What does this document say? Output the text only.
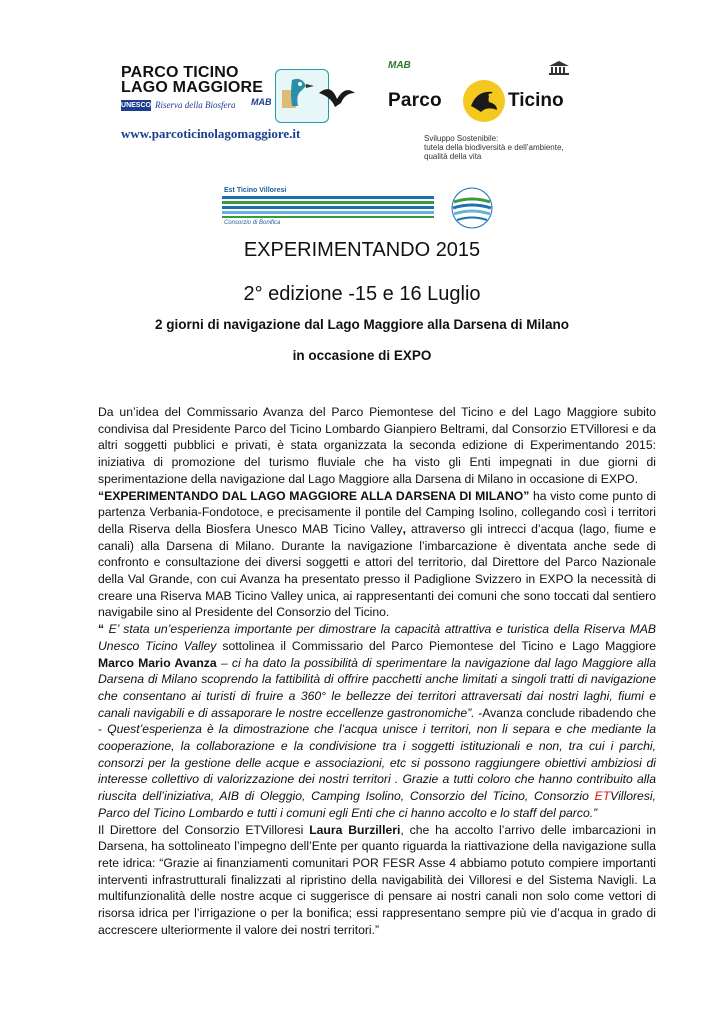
PARCO TICINO
LAGO MAGGIORE
UNESCO Riserva della Biosfera MAB
www.parcoticinolagomaggiore.it
MAB
Parco	Ticino
Sviluppo Sostenibile:
tutela della biodiversità e dell’ambiente,
qualità della vita
Est Ticino Villoresi
Consorzio di Bonifica
EXPERIMENTANDO 2015
2° edizione -15 e 16 Luglio
2 giorni di navigazione dal Lago Maggiore alla Darsena di Milano
in occasione di EXPO

Da un’idea del Commissario Avanza del Parco Piemontese del Ticino e del Lago Maggiore subito condivisa dal Presidente Parco del Ticino Lombardo Gianpiero Beltrami, dal Consorzio ETVilloresi e da altri soggetti pubblici e privati, è stata organizzata la seconda edizione di Experimentando 2015: iniziativa di promozione del turismo fluviale che ha visto gli Enti impegnati in due giorni di sperimentazione della navigazione dal Lago Maggiore alla Darsena di Milano in occasione di EXPO.

“EXPERIMENTANDO DAL LAGO MAGGIORE ALLA DARSENA DI MILANO” ha visto come punto di partenza Verbania-Fondotoce, e precisamente il pontile del Camping Isolino, collegando così i territori della Riserva della Biosfera Unesco MAB Ticino Valley, attraverso gli intrecci d’acqua (lago, fiume e canali) alla Darsena di Milano. Durante la navigazione l’imbarcazione è diventata anche sede di confronto e consultazione dei diversi soggetti e attori del territorio, dal Direttore del Parco Nazionale della Val Grande, con cui Avanza ha presentato presso il Padiglione Svizzero in EXPO la necessità di creare una Riserva MAB Ticino Valley unica, ai rappresentanti dei comuni che sono toccati dal sentiero navigabile sino al Presidente del Consorzio del Ticino.

“ E’ stata un’esperienza importante per dimostrare la capacità attrattiva e turistica della Riserva MAB Unesco Ticino Valley sottolinea il Commissario del Parco Piemontese del Ticino e Lago Maggiore Marco Mario Avanza – ci ha dato la possibilità di sperimentare la navigazione dal lago Maggiore alla Darsena di Milano scoprendo la fattibilità di offrire pacchetti anche limitati a singoli tratti di navigazione che consentano ai turisti di fruire a 360° le bellezze dei territori attraversati dai nostri laghi, fiumi e canali navigabili e di assaporare le nostre eccellenze gastronomiche”. -Avanza conclude ribadendo che - Quest’esperienza è la dimostrazione che l’acqua unisce i territori, non li separa e che mediante la cooperazione, la collaborazione e la condivisione tra i soggetti istituzionali e non, tra cui i parchi, consorzi per la gestione delle acque e associazioni, etc si possono raggiungere obiettivi ambiziosi di interesse collettivo di valorizzazione dei nostri territori . Grazie a tutti coloro che hanno contribuito alla riuscita dell’iniziativa, AIB di Oleggio, Camping Isolino, Consorzio del Ticino, Consorzio ETVilloresi, Parco del Ticino Lombardo e tutti i comuni egli Enti che ci hanno accolto e lo staff del parco.”

Il Direttore del Consorzio ETVilloresi Laura Burzilleri, che ha accolto l’arrivo delle imbarcazioni in Darsena, ha sottolineato l’impegno dell’Ente per quanto riguarda la riattivazione della navigazione sulla rete idrica: “Grazie ai finanziamenti comunitari POR FESR Asse 4 abbiamo potuto compiere importanti interventi infrastrutturali finalizzati al ripristino della navigabilità dei Villoresi e del Sistema Navigli. La multifunzionalità delle nostre acque ci suggerisce di pensare ai nostri canali non solo come vettori di risorsa idrica per l’irrigazione o per la bonifica; essi rappresentano sempre più vie d’acqua in grado di accrescere ulteriormente il valore dei nostri territori.”
